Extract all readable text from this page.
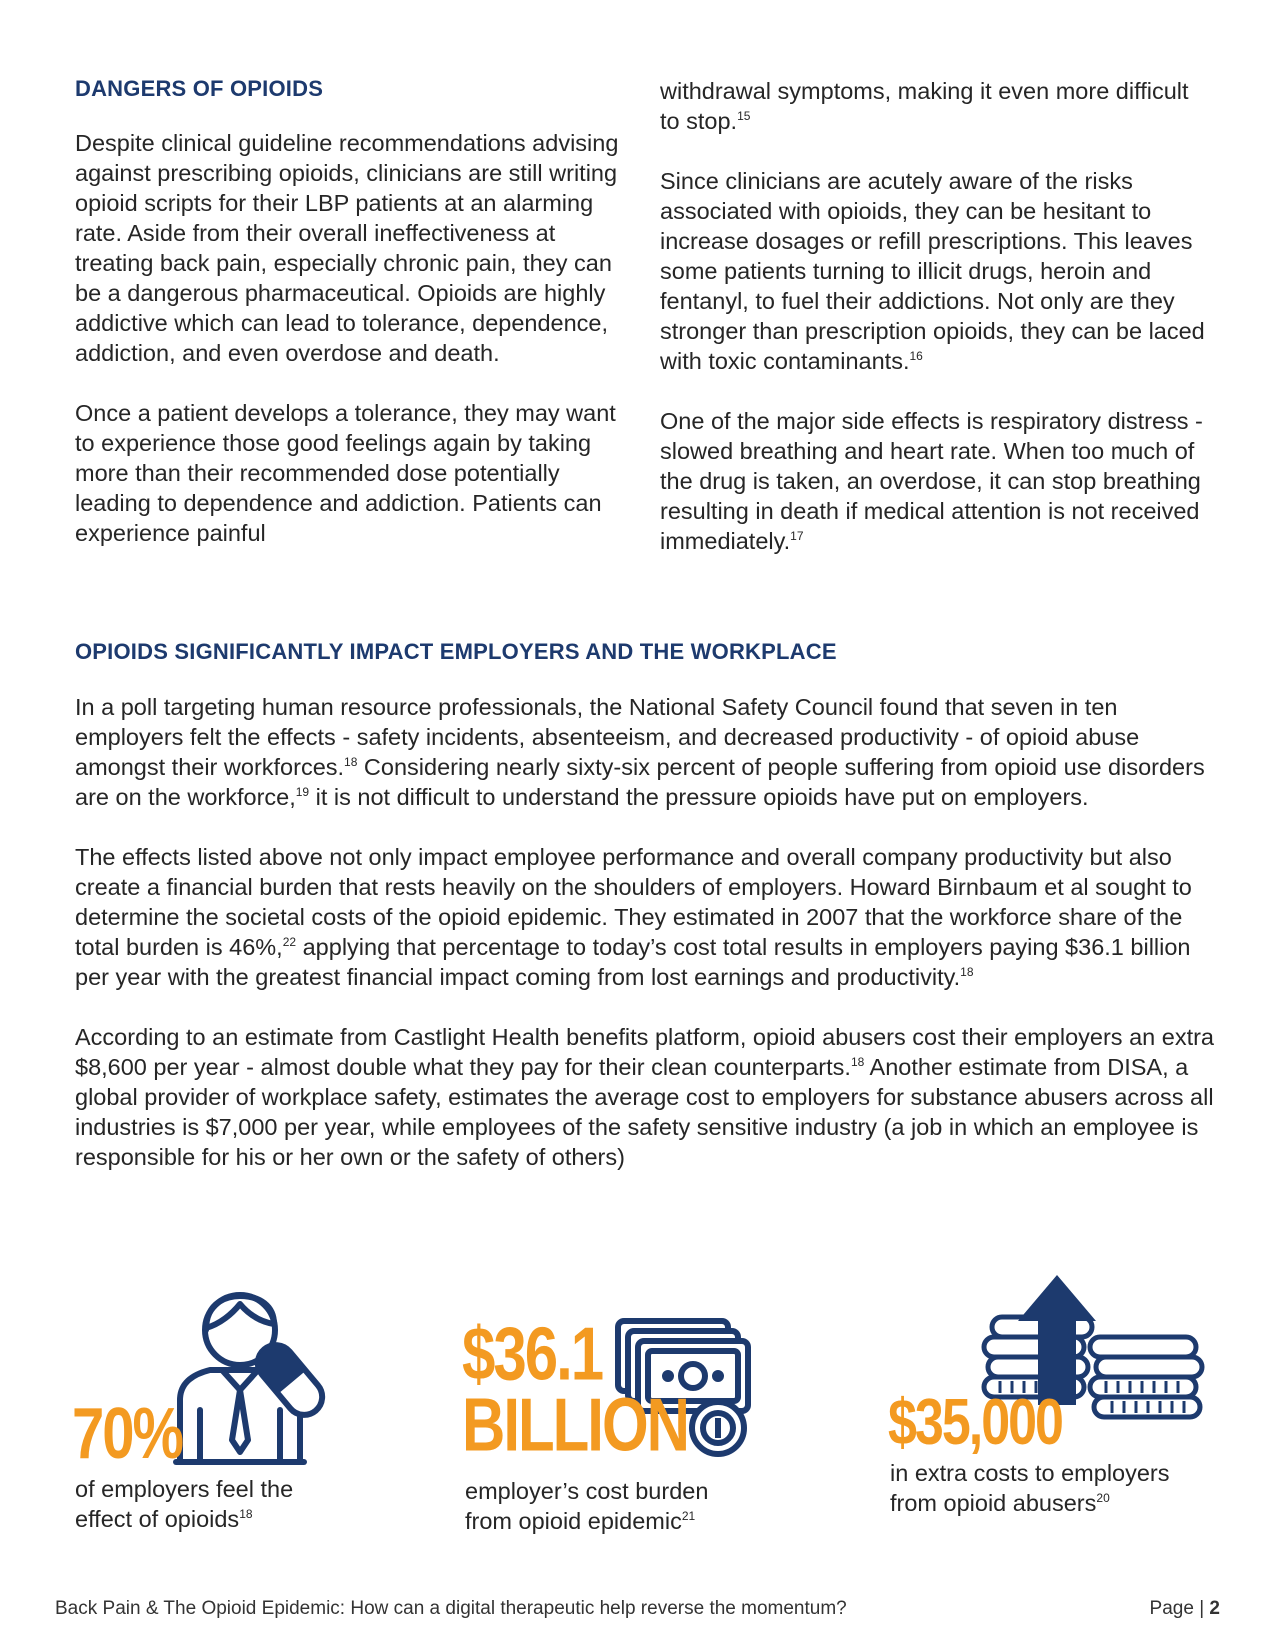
DANGERS OF OPIOIDS

Despite clinical guideline recommendations advising against prescribing opioids, clinicians are still writing opioid scripts for their LBP patients at an alarming rate. Aside from their overall ineffectiveness at treating back pain, especially chronic pain, they can be a dangerous pharmaceutical. Opioids are highly addictive which can lead to tolerance, dependence, addiction, and even overdose and death.

Once a patient develops a tolerance, they may want to experience those good feelings again by taking more than their recommended dose potentially leading to dependence and addiction. Patients can experience painful

withdrawal symptoms, making it even more difficult to stop.$^{15}$

Since clinicians are acutely aware of the risks associated with opioids, they can be hesitant to increase dosages or refill prescriptions. This leaves some patients turning to illicit drugs, heroin and fentanyl, to fuel their addictions. Not only are they stronger than prescription opioids, they can be laced with toxic contaminants.$^{16}$

One of the major side effects is respiratory distress - slowed breathing and heart rate. When too much of the drug is taken, an overdose, it can stop breathing resulting in death if medical attention is not received immediately.$^{17}$

OPIOIDS SIGNIFICANTLY IMPACT EMPLOYERS AND THE WORKPLACE

In a poll targeting human resource professionals, the National Safety Council found that seven in ten employers felt the effects - safety incidents, absenteeism, and decreased productivity - of opioid abuse amongst their workforces.$^{18}$ Considering nearly sixty-six percent of people suffering from opioid use disorders are on the workforce,$^{19}$ it is not difficult to understand the pressure opioids have put on employers.

The effects listed above not only impact employee performance and overall company productivity but also create a financial burden that rests heavily on the shoulders of employers. Howard Birnbaum et al sought to determine the societal costs of the opioid epidemic. They estimated in 2007 that the workforce share of the total burden is 46%,$^{22}$ applying that percentage to today’s cost total results in employers paying $36.1 billion per year with the greatest financial impact coming from lost earnings and productivity.$^{18}$

According to an estimate from Castlight Health benefits platform, opioid abusers cost their employers an extra $8,600 per year - almost double what they pay for their clean counterparts.$^{18}$ Another estimate from DISA, a global provider of workplace safety, estimates the average cost to employers for substance abusers across all industries is $7,000 per year, while employees of the safety sensitive industry (a job in which an employee is responsible for his or her own or the safety of others)

70%
of employers feel the
effect of opioids$^{18}$
$36.1
BILLION
employer’s cost burden
from opioid epidemic$^{21}$
$35,000
in extra costs to employers
from opioid abusers$^{20}$
Back Pain & The Opioid Epidemic: How can a digital therapeutic help reverse the momentum?	Page | 2
